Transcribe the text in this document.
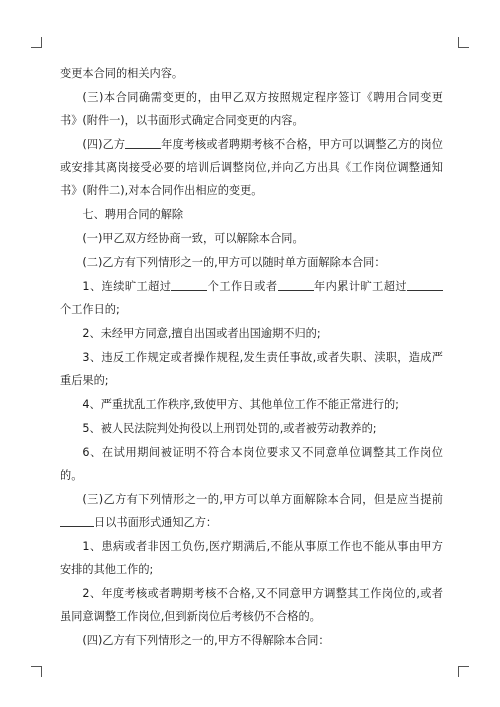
变更本合同的相关内容。

(三)本合同确需变更的，由甲乙双方按照规定程序签订《聘用合同变更书》(附件一)，以书面形式确定合同变更的内容。

(四)乙方	年度考核或者聘期考核不合格，甲方可以调整乙方的岗位或安排其离岗接受必要的培训后调整岗位,并向乙方出具《工作岗位调整通知书》(附件二),对本合同作出相应的变更。

七、聘用合同的解除

(一)甲乙双方经协商一致，可以解除本合同。

(二)乙方有下列情形之一的,甲方可以随时单方面解除本合同：

1、连续旷工超过	个工作日或者	年内累计旷工超过个工作日的;

2、未经甲方同意,擅自出国或者出国逾期不归的;

3、违反工作规定或者操作规程,发生责任事故,或者失职、渎职，造成严重后果的;

4、严重扰乱工作秩序,致使甲方、其他单位工作不能正常进行的;

5、被人民法院判处拘役以上刑罚处罚的,或者被劳动教养的;

6、在试用期间被证明不符合本岗位要求又不同意单位调整其工作岗位的。

(三)乙方有下列情形之一的,甲方可以单方面解除本合同，但是应当提前日以书面形式通知乙方：

1、患病或者非因工负伤,医疗期满后,不能从事原工作也不能从事由甲方安排的其他工作的;

2、年度考核或者聘期考核不合格,又不同意甲方调整其工作岗位的,或者虽同意调整工作岗位,但到新岗位后考核仍不合格的。

(四)乙方有下列情形之一的,甲方不得解除本合同：
